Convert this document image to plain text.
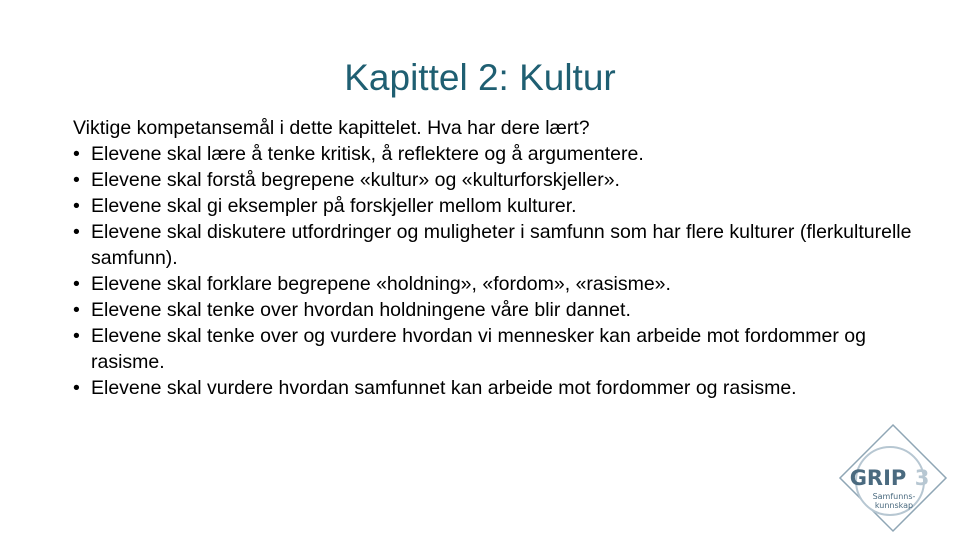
Kapittel 2: Kultur

Viktige kompetansemål i dette kapittelet. Hva har dere lært?

• Elevene skal lære å tenke kritisk, å reflektere og å argumentere.
• Elevene skal forstå begrepene «kultur» og «kulturforskjeller».
• Elevene skal gi eksempler på forskjeller mellom kulturer.
• Elevene skal diskutere utfordringer og muligheter i samfunn som har flere kulturer (flerkulturelle samfunn).
• Elevene skal forklare begrepene «holdning», «fordom», «rasisme».
• Elevene skal tenke over hvordan holdningene våre blir dannet.
• Elevene skal tenke over og vurdere hvordan vi mennesker kan arbeide mot fordommer og rasisme.
• Elevene skal vurdere hvordan samfunnet kan arbeide mot fordommer og rasisme.
GRIP 3
Samfunns-
kunnskap
